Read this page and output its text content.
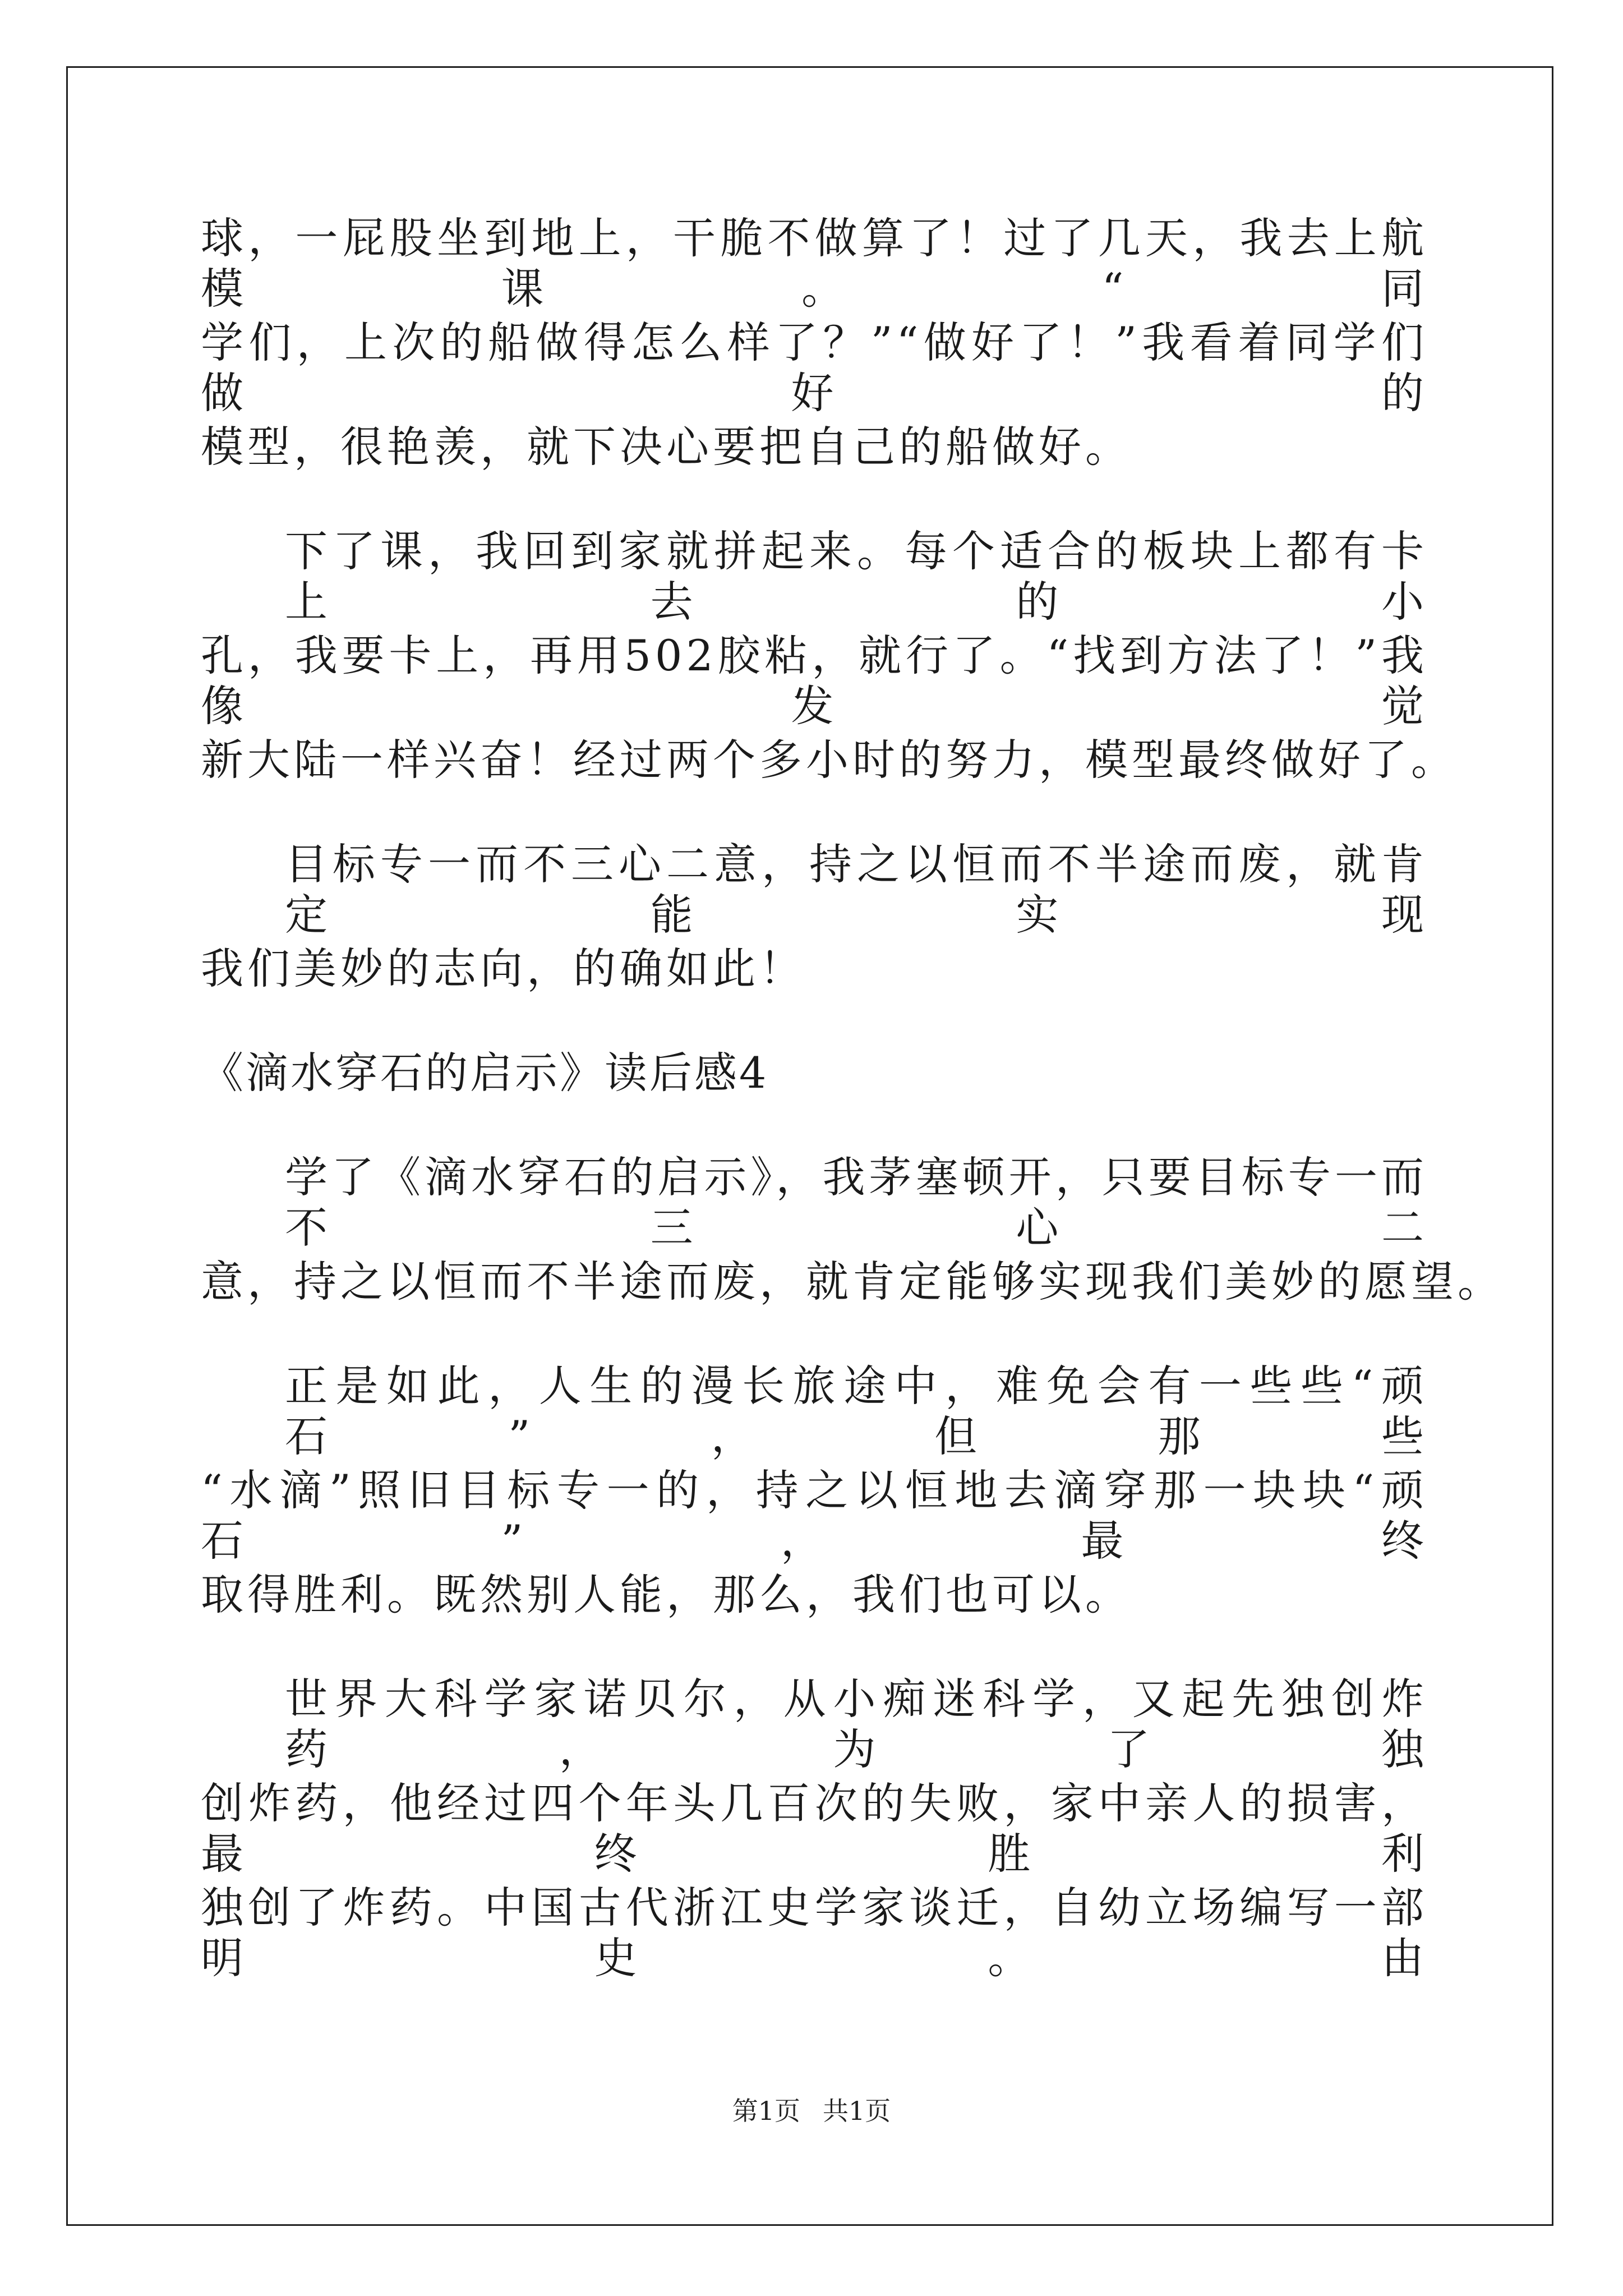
球，一屁股坐到地上，干脆不做算了！过了几天，我去上航模课。“同
学们，上次的船做得怎么样了？”“做好了！”我看着同学们做好的
模型，很艳羡，就下决心要把自己的船做好。
下了课，我回到家就拼起来。每个适合的板块上都有卡上去的小
孔，我要卡上，再用502胶粘，就行了。“找到方法了！”我像发觉
新大陆一样兴奋！经过两个多小时的努力，模型最终做好了。
目标专一而不三心二意，持之以恒而不半途而废，就肯定能实现
我们美妙的志向，的确如此！
《滴水穿石的启示》读后感4
学了《滴水穿石的启示》，我茅塞顿开，只要目标专一而不三心二
意，持之以恒而不半途而废，就肯定能够实现我们美妙的愿望。
正是如此，人生的漫长旅途中，难免会有一些些“顽石”，但那些
“水滴”照旧目标专一的，持之以恒地去滴穿那一块块“顽石”，最终
取得胜利。既然别人能，那么，我们也可以。
世界大科学家诺贝尔，从小痴迷科学，又起先独创炸药，为了独
创炸药，他经过四个年头几百次的失败，家中亲人的损害，最终胜利
独创了炸药。中国古代浙江史学家谈迁，自幼立场编写一部明史。由
第1页 共1页
